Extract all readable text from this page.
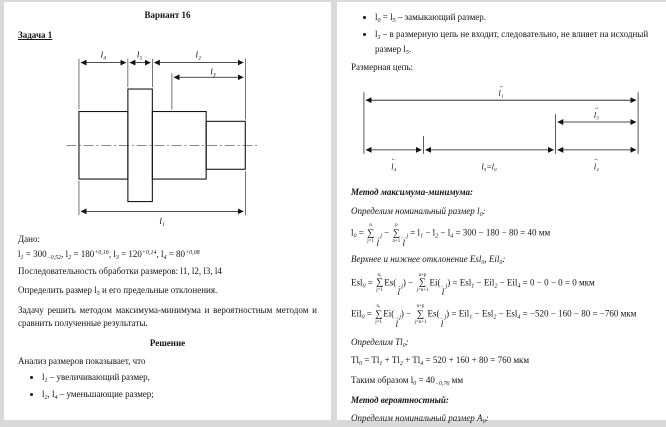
Вариант 16

Задача 1

l₄	l₅	l₂
l₃
l₁

Дано:

$l_1 = 300_{-0,52}$, $l_2 = 180^{+0,16}$, $l_3 = 120^{+0,14}$, $l_4 = 80^{+0,08}$

Последовательность обработки размеров: l1, l2, l3, l4

Определить размер $l_5$ и его предельные отклонения.

Задачу решить методом максимума-минимума и вероятностным методом и сравнить полученные результаты.

Решение

Анализ размеров показывает, что

• $l_1$ – увеличивающий размер,
• $l_2$, $l_4$ – уменьшающие размер;
• $l_0 = l_5$ – замыкающий размер.
• $l_3$ – в размерную цепь не входит, следовательно, не влияет на исходный размер $l_5$.

Размерная цепь:

→
l₁
→
l₃
←
l₄	l₅=l₀
←
l₂

Метод максимума-минимума:

Определим номинальный размер $l_0$:

$l_0$ =
n
∑
j=1
→
l
$_j$ −
p
∑
n+1
←
l
$_j = l_1 - l_2 - l_4 = 300 - 180 - 80 = 40$ мм

Верхнее и нижнее отклонение Esl$_0$, Eil$_0$:

Esl$_0$ =
n₁
∑
j=1
Es( →
l
$_j$) −
n+p
∑
j=n+1
Ei( ←
l
$_j$) = Esl$_1$ − Eil$_2$ − Eil$_4$ = 0 − 0 − 0 = 0 мкм

Eil$_0$ =
n₁
∑
j=1
Ei( →
l
$_j$) −
n+p
∑
j=n+1
Es( ←
l
$_j$) = Eil$_1$ − Esl$_2$ − Esl$_4$ = −520 − 160 − 80 = −760 мкм

Определим $Tl_0$:

$Tl_0 = Tl_1 + Tl_2 + Tl_4 = 520 + 160 + 80 = 760$ мкм

Таким образом $l_0 = 40_{-0,76}$ мм

Метод вероятностный:

Определим номинальный размер $A_0$:
